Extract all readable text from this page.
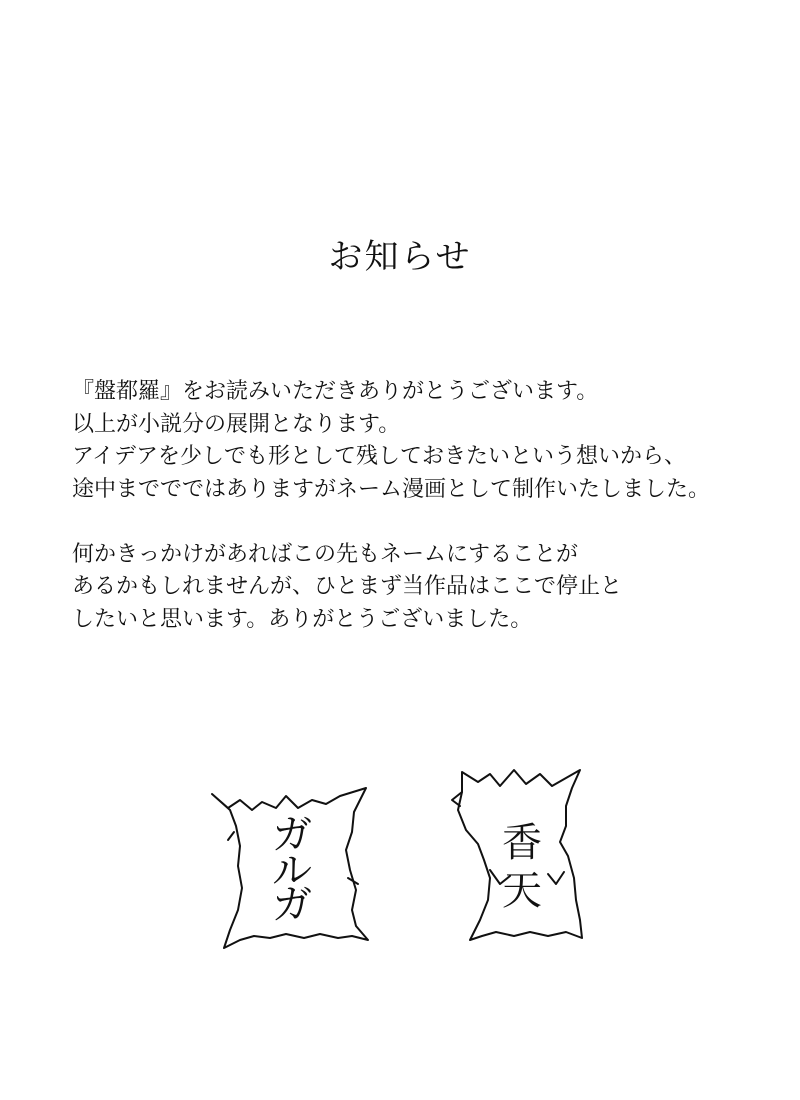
お知らせ

『盤都羅』をお読みいただきありがとうございます。
以上が小説分の展開となります。
アイデアを少しでも形として残しておきたいという想いから、
途中まででではありますがネーム漫画として制作いたしました。

何かきっかけがあればこの先もネームにすることが
あるかもしれませんが、ひとまず当作品はここで停止と
したいと思います。ありがとうございました。

ガ
ル
ガ
香
天
